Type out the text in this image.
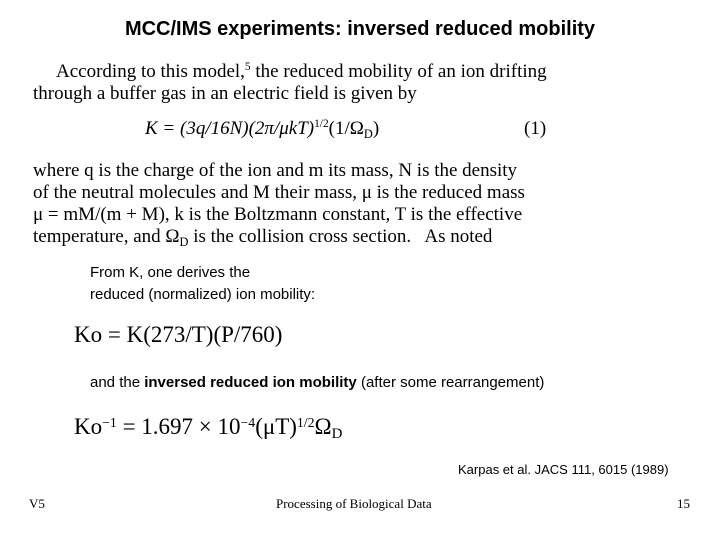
MCC/IMS experiments: inversed reduced mobility
According to this model,$^5$ the reduced mobility of an ion drifting
through a buffer gas in an electric field is given by
$K = (3q/16N)(2\pi/\mu kT)^{1/2}(1/\Omega_D)$	(1)
where q is the charge of the ion and m its mass, N is the density
of the neutral molecules and M their mass, μ is the reduced mass
μ = mM/(m + M), k is the Boltzmann constant, T is the effective
temperature, and $\Omega_D$ is the collision cross section.   As noted
From K, one derives the
reduced (normalized) ion mobility:
Ko = K(273/T)(P/760)
and the inversed reduced ion mobility (after some rearrangement)
$Ko^{-1} = 1.697 \times 10^{-4}(\mu T)^{1/2}\Omega_D$
Karpas et al. JACS 111, 6015 (1989)
V5	Processing of Biological Data	15
